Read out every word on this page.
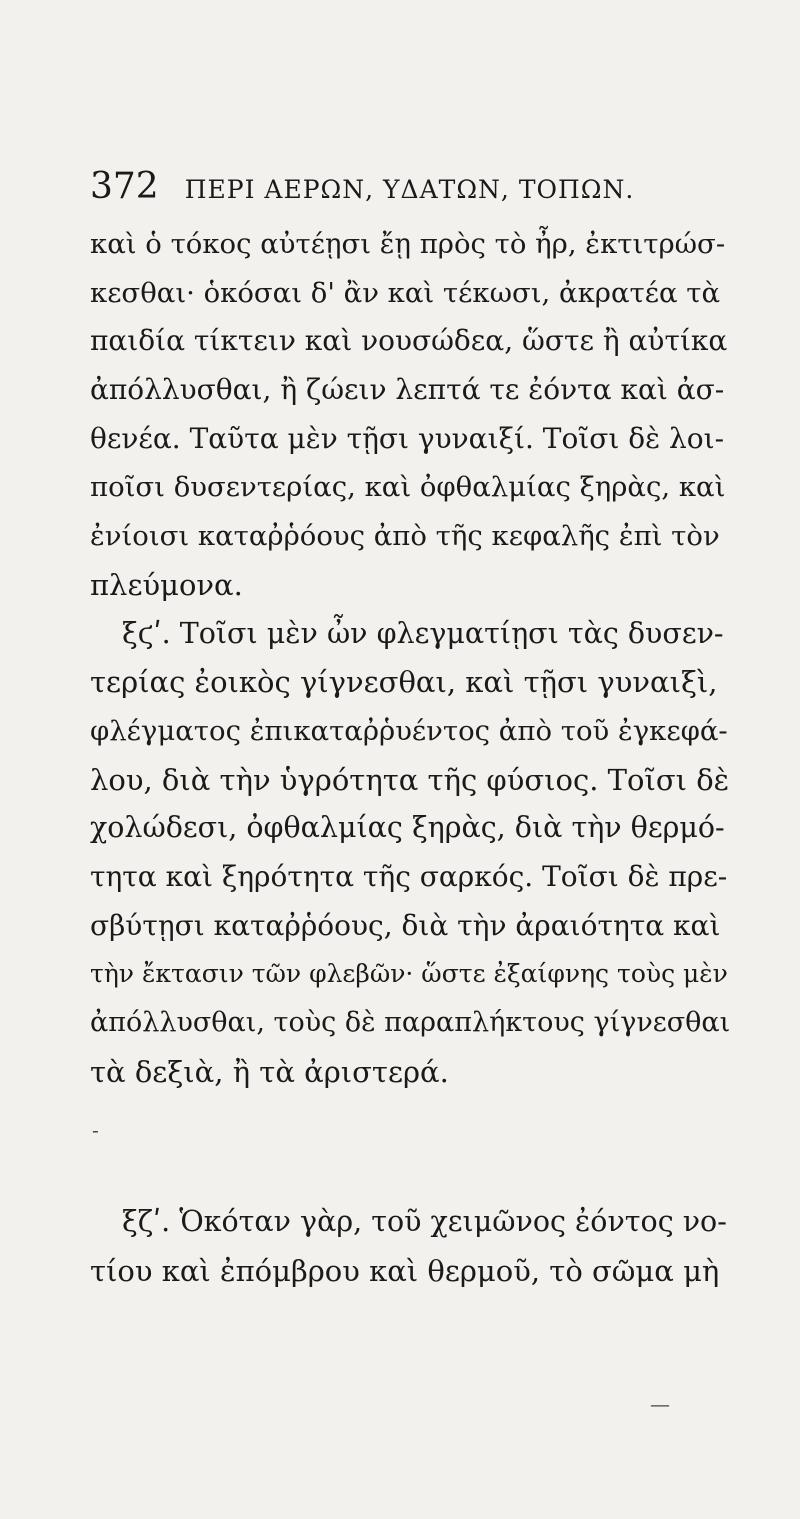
372 ΠΕΡΙ ΑΕΡΩΝ, ΥΔΑΤΩΝ, ΤΟΠΩΝ.
καὶ ὁ τόκος αὐτέῃσι ἔῃ πρὸς τὸ ἦρ, ἐκτιτρώσ-
κεσθαι· ὁκόσαι δ' ἂν καὶ τέκωσι, ἀκρατέα τὰ
παιδία τίκτειν καὶ νουσώδεα, ὥστε ἢ αὐτίκα
ἀπόλλυσθαι, ἢ ζώειν λεπτά τε ἐόντα καὶ ἀσ-
θενέα. Ταῦτα μὲν τῇσι γυναιξί. Τοῖσι δὲ λοι-
ποῖσι δυσεντερίας, καὶ ὀφθαλμίας ξηρὰς, καὶ
ἐνίοισι καταῤῥόους ἀπὸ τῆς κεφαλῆς ἐπὶ τὸν
πλεύμονα.
ξϛʹ. Τοῖσι μὲν ὦν φλεγματίῃσι τὰς δυσεν-
τερίας ἐοικὸς γίγνεσθαι, καὶ τῇσι γυναιξὶ,
φλέγματος ἐπικαταῤῥυέντος ἀπὸ τοῦ ἐγκεφά-
λου, διὰ τὴν ὑγρότητα τῆς φύσιος. Τοῖσι δὲ
χολώδεσι, ὀφθαλμίας ξηρὰς, διὰ τὴν θερμό-
τητα καὶ ξηρότητα τῆς σαρκός. Τοῖσι δὲ πρε-
σβύτῃσι καταῤῥόους, διὰ τὴν ἀραιότητα καὶ
τὴν ἔκτασιν τῶν φλεβῶν· ὥστε ἐξαίφνης τοὺς μὲν
ἀπόλλυσθαι, τοὺς δὲ παραπλήκτους γίγνεσθαι
τὰ δεξιὰ, ἢ τὰ ἀριστερά.
ξζʹ. Ὁκόταν γὰρ, τοῦ χειμῶνος ἐόντος νο-
τίου καὶ ἐπόμβρου καὶ θερμοῦ, τὸ σῶμα μὴ
-
—
